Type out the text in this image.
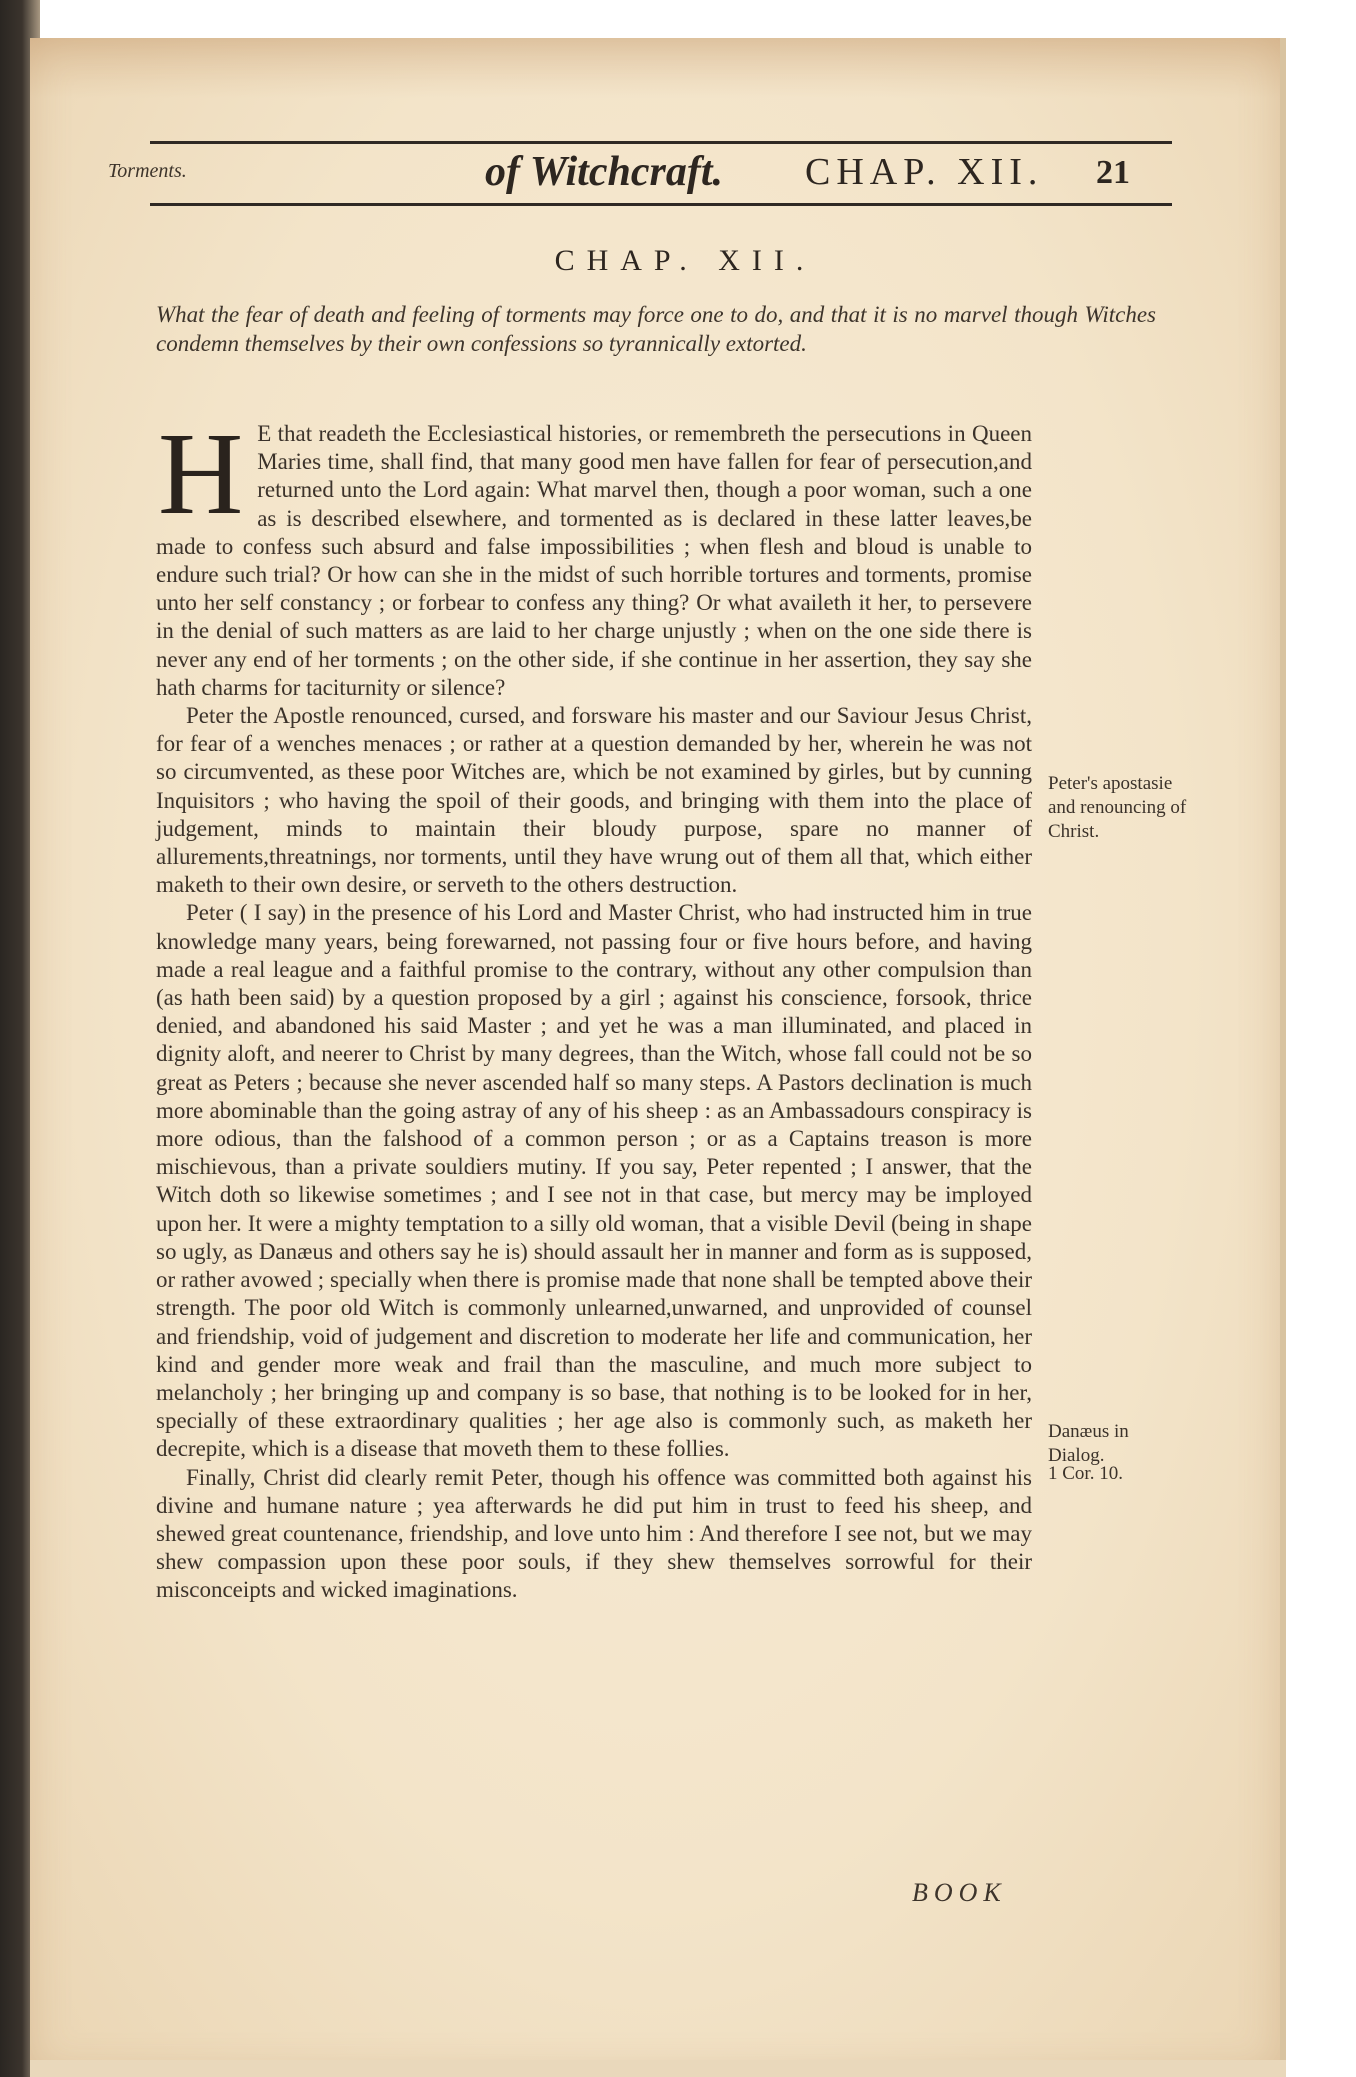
Torments.	of Witchcraft. CHAP. XII. 21
CHAP. XII.
What the fear of death and feeling of torments may force one to do, and that it is no marvel though Witches condemn themselves by their own confessions so tyrannically extorted.

H E that readeth the Ecclesiastical histories, or remembreth the persecutions in Queen Maries time, shall find, that many good men have fallen for fear of persecution,and returned unto the Lord again: What marvel then, though a poor woman, such a one as is described elsewhere, and tormented as is declared in these latter leaves,be made to confess such absurd and false impossibilities ; when flesh and bloud is unable to endure such trial? Or how can she in the midst of such horrible tortures and torments, promise unto her self constancy ; or forbear to confess any thing? Or what availeth it her, to persevere in the denial of such matters as are laid to her charge unjustly ; when on the one side there is never any end of her torments ; on the other side, if she continue in her assertion, they say she hath charms for taciturnity or silence?

Peter the Apostle renounced, cursed, and forsware his master and our Saviour Jesus Christ, for fear of a wenches menaces ; or rather at a question demanded by her, wherein he was not so circumvented, as these poor Witches are, which be not examined by girles, but by cunning Inquisitors ; who having the spoil of their goods, and bringing with them into the place of judgement, minds to maintain their bloudy purpose, spare no manner of allurements,threatnings, nor torments, until they have wrung out of them all that, which either maketh to their own desire, or serveth to the others destruction.

Peter ( I say) in the presence of his Lord and Master Christ, who had instructed him in true knowledge many years, being forewarned, not passing four or five hours before, and having made a real league and a faithful promise to the contrary, without any other compulsion than (as hath been said) by a question proposed by a girl ; against his conscience, forsook, thrice denied, and abandoned his said Master ; and yet he was a man illuminated, and placed in dignity aloft, and neerer to Christ by many degrees, than the Witch, whose fall could not be so great as Peters ; because she never ascended half so many steps. A Pastors declination is much more abominable than the going astray of any of his sheep : as an Ambassadours conspiracy is more odious, than the falshood of a common person ; or as a Captains treason is more mischievous, than a private souldiers mutiny. If you say, Peter repented ; I answer, that the Witch doth so likewise sometimes ; and I see not in that case, but mercy may be imployed upon her. It were a mighty temptation to a silly old woman, that a visible Devil (being in shape so ugly, as Danæus and others say he is) should assault her in manner and form as is supposed, or rather avowed ; specially when there is promise made that none shall be tempted above their strength. The poor old Witch is commonly unlearned,unwarned, and unprovided of counsel and friendship, void of judgement and discretion to moderate her life and communication, her kind and gender more weak and frail than the masculine, and much more subject to melancholy ; her bringing up and company is so base, that nothing is to be looked for in her, specially of these extraordinary qualities ; her age also is commonly such, as maketh her decrepite, which is a disease that moveth them to these follies.

Finally, Christ did clearly remit Peter, though his offence was committed both against his divine and humane nature ; yea afterwards he did put him in trust to feed his sheep, and shewed great countenance, friendship, and love unto him : And therefore I see not, but we may shew compassion upon these poor souls, if they shew themselves sorrowful for their misconceipts and wicked imaginations.

Peter's apostasie and renouncing of Christ.
Danæus in Dialog.
1 Cor. 10.
BOOK
